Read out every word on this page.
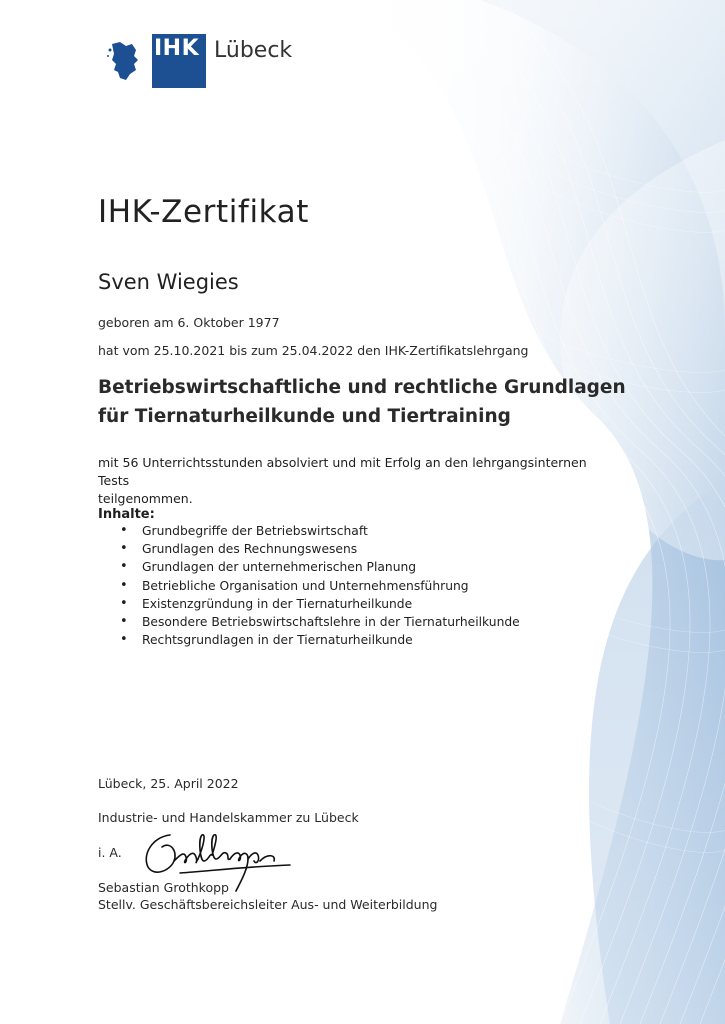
IHK Lübeck
IHK-Zertifikat
Sven Wiegies
geboren am 6. Oktober 1977
hat vom 25.10.2021 bis zum 25.04.2022 den IHK-Zertifikatslehrgang
Betriebswirtschaftliche und rechtliche Grundlagen
für Tiernaturheilkunde und Tiertraining
mit 56 Unterrichtsstunden absolviert und mit Erfolg an den lehrgangsinternen Tests
teilgenommen.
Inhalte:
• Grundbegriffe der Betriebswirtschaft
• Grundlagen des Rechnungswesens
• Grundlagen der unternehmerischen Planung
• Betriebliche Organisation und Unternehmensführung
• Existenzgründung in der Tiernaturheilkunde
• Besondere Betriebswirtschaftslehre in der Tiernaturheilkunde
• Rechtsgrundlagen in der Tiernaturheilkunde
Lübeck, 25. April 2022
Industrie- und Handelskammer zu Lübeck
i. A.
Sebastian Grothkopp
Stellv. Geschäftsbereichsleiter Aus- und Weiterbildung
